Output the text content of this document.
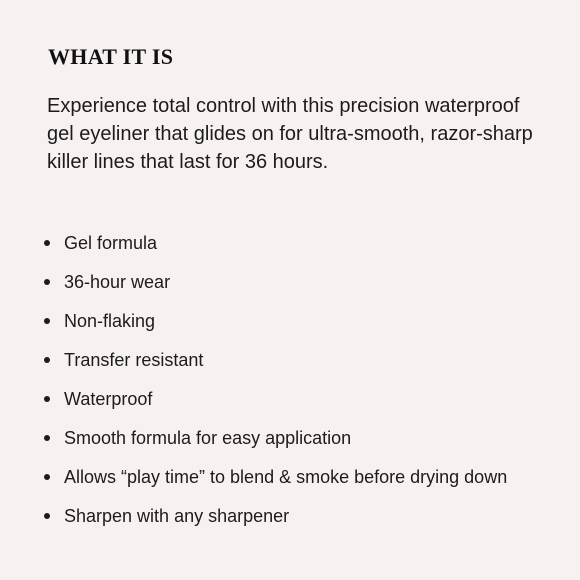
WHAT IT IS

Experience total control with this precision waterproof gel eyeliner that glides on for ultra-smooth, razor-sharp killer lines that last for 36 hours.

Gel formula
36-hour wear
Non-flaking
Transfer resistant
Waterproof
Smooth formula for easy application
Allows “play time” to blend & smoke before drying down
Sharpen with any sharpener
